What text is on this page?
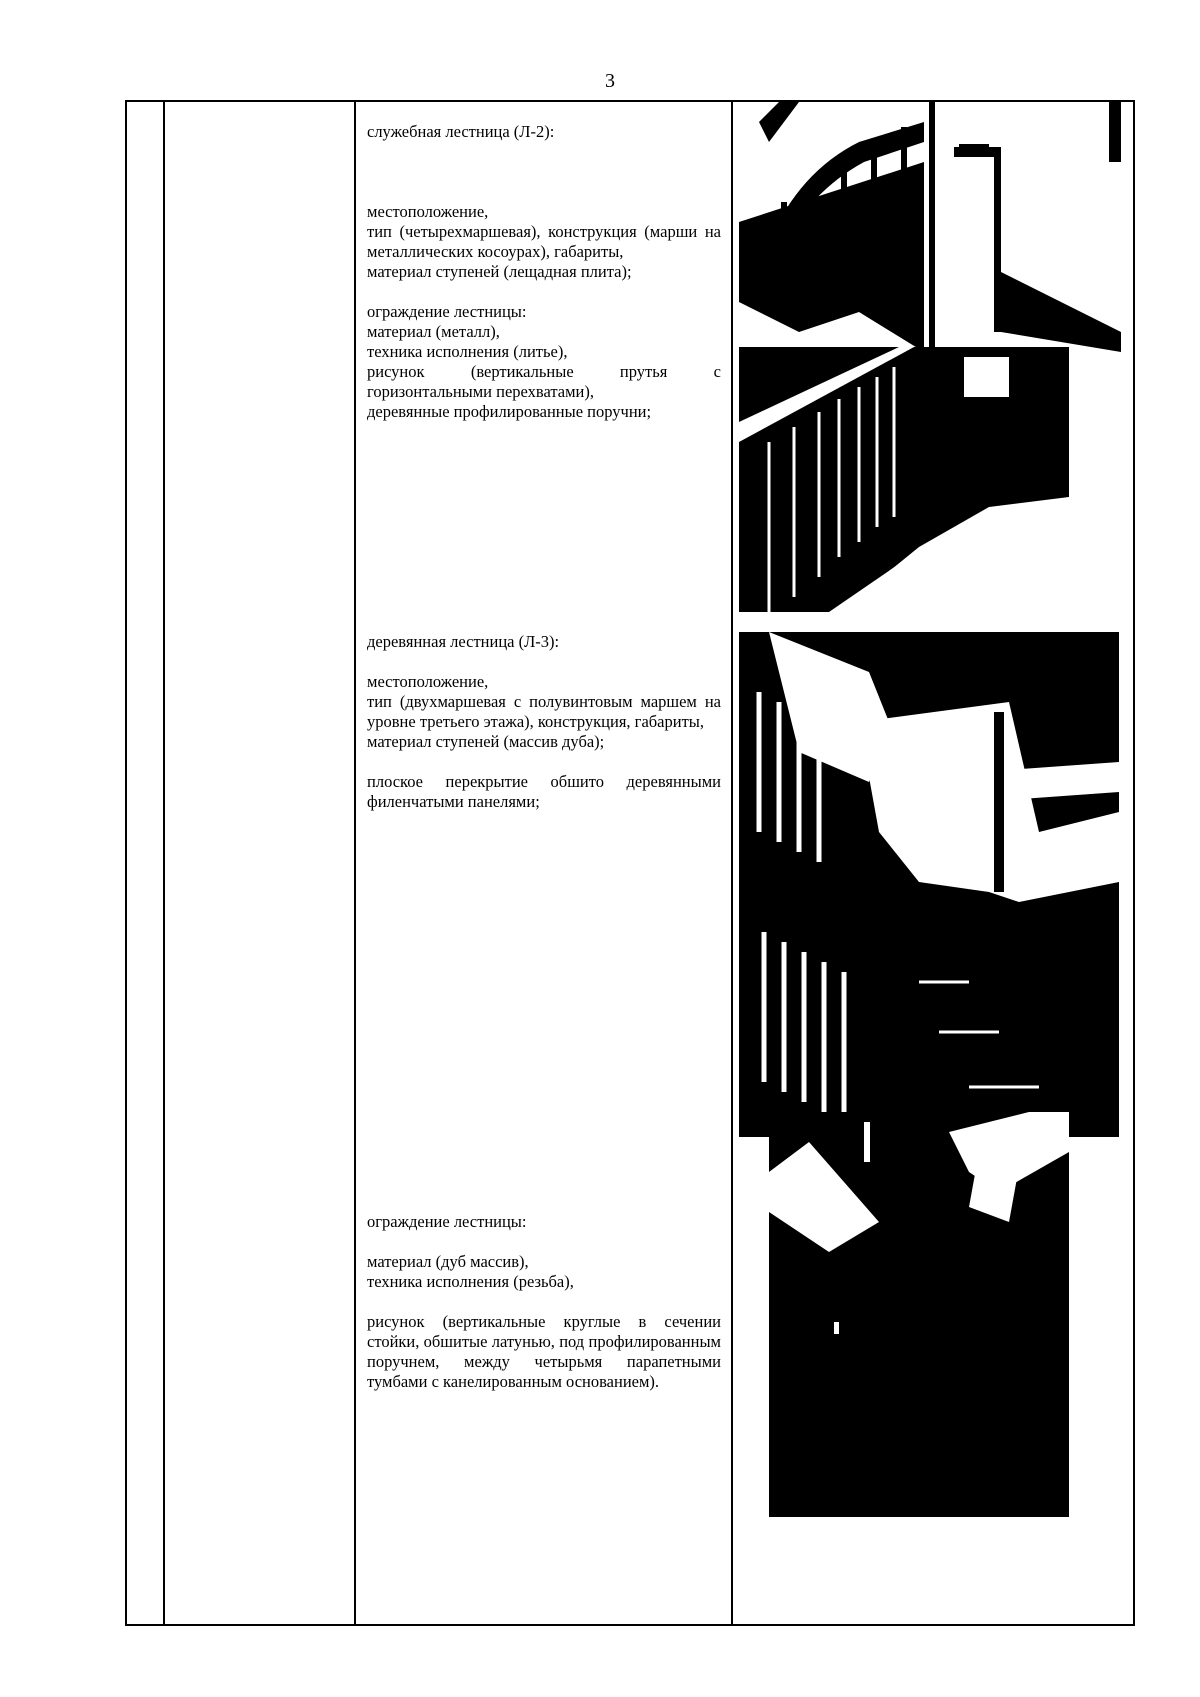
3

служебная лестница (Л-2):

местоположение,

тип (четырехмаршевая), конструкция (марши на металлических косоурах), габариты,

материал ступеней (лещадная плита);

ограждение лестницы:

материал (металл),

техника исполнения (литье),

рисунок (вертикальные прутья с горизонтальными перехватами),

деревянные профилированные поручни;

деревянная лестница (Л-3):

местоположение,

тип (двухмаршевая с полувинтовым маршем на уровне третьего этажа), конструкция, габариты,

материал ступеней (массив дуба);

плоское перекрытие обшито деревянными филенчатыми панелями;

ограждение лестницы:

материал (дуб массив),

техника исполнения (резьба),

рисунок (вертикальные круглые в сечении стойки, обшитые латунью, под профилированным поручнем, между четырьмя парапетными тумбами с канелированным основанием).
